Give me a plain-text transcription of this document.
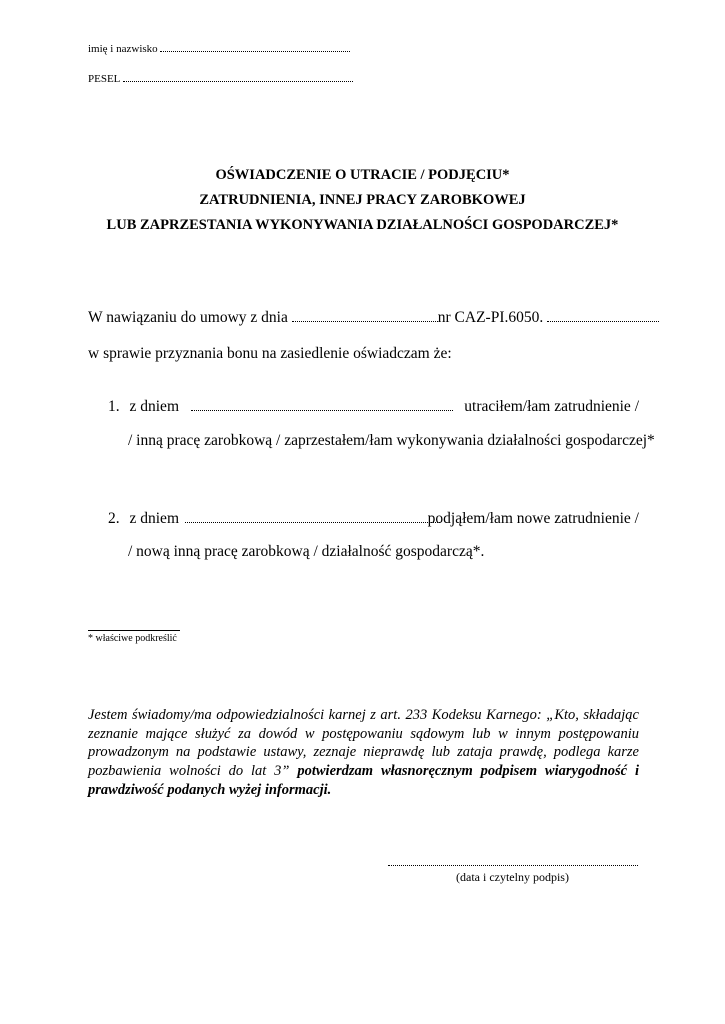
imię i nazwisko
PESEL
OŚWIADCZENIE O UTRACIE / PODJĘCIU*
ZATRUDNIENIA, INNEJ PRACY ZAROBKOWEJ
LUB ZAPRZESTANIA WYKONYWANIA DZIAŁALNOŚCI GOSPODARCZEJ*
W nawiązaniu do umowy z dnia	nr CAZ-PI.6050.
w sprawie przyznania bonu na zasiedlenie oświadczam że:
1. z dniem	utraciłem/łam zatrudnienie /
/ inną pracę zarobkową / zaprzestałem/łam wykonywania działalności gospodarczej*
2. z dniem	podjąłem/łam nowe zatrudnienie /
/ nową inną pracę zarobkową / działalność gospodarczą*.
* właściwe podkreślić
Jestem świadomy/ma odpowiedzialności karnej z art. 233 Kodeksu Karnego: „Kto, składając zeznanie mające służyć za dowód w postępowaniu sądowym lub w innym postępowaniu prowadzonym na podstawie ustawy, zeznaje nieprawdę lub zataja prawdę, podlega karze pozbawienia wolności do lat 3” potwierdzam własnoręcznym podpisem wiarygodność i prawdziwość podanych wyżej informacji.
(data i czytelny podpis)
